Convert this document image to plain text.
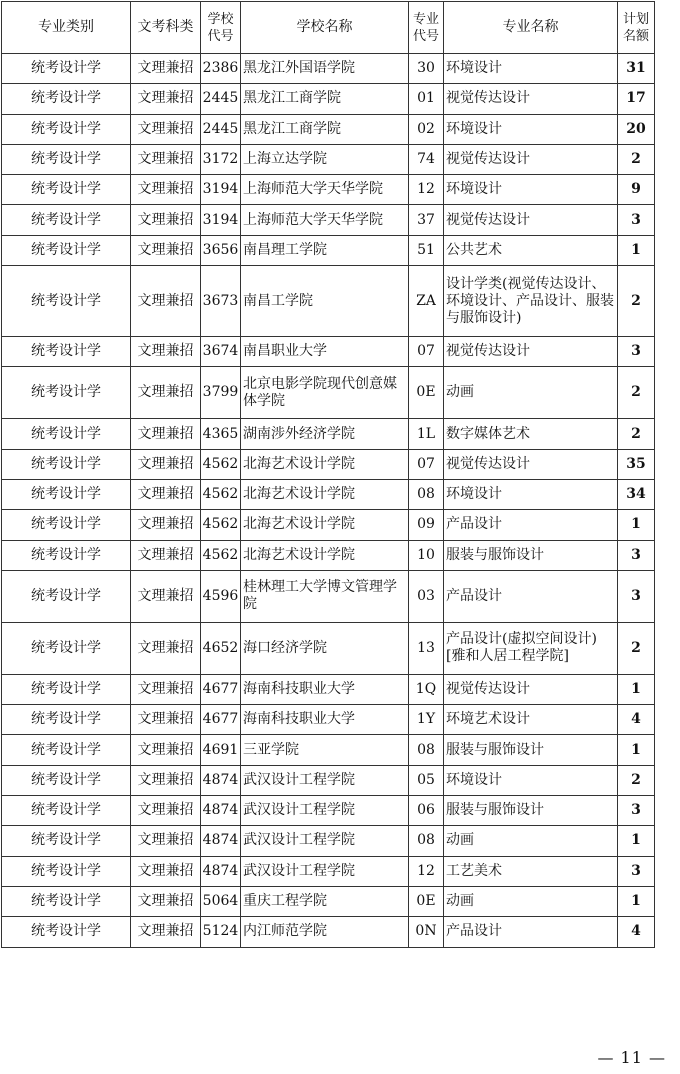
专业类别	文考科类	学校代号	学校名称	专业代号	专业名称	计划名额
统考设计学	文理兼招	2386	黑龙江外国语学院	30	环境设计	31
统考设计学	文理兼招	2445	黑龙江工商学院	01	视觉传达设计	17
统考设计学	文理兼招	2445	黑龙江工商学院	02	环境设计	20
统考设计学	文理兼招	3172	上海立达学院	74	视觉传达设计	2
统考设计学	文理兼招	3194	上海师范大学天华学院	12	环境设计	9
统考设计学	文理兼招	3194	上海师范大学天华学院	37	视觉传达设计	3
统考设计学	文理兼招	3656	南昌理工学院	51	公共艺术	1
统考设计学	文理兼招	3673	南昌工学院	ZA	设计学类(视觉传达设计、环境设计、产品设计、服装与服饰设计)	2
统考设计学	文理兼招	3674	南昌职业大学	07	视觉传达设计	3
统考设计学	文理兼招	3799	北京电影学院现代创意媒体学院	0E	动画	2
统考设计学	文理兼招	4365	湖南涉外经济学院	1L	数字媒体艺术	2
统考设计学	文理兼招	4562	北海艺术设计学院	07	视觉传达设计	35
统考设计学	文理兼招	4562	北海艺术设计学院	08	环境设计	34
统考设计学	文理兼招	4562	北海艺术设计学院	09	产品设计	1
统考设计学	文理兼招	4562	北海艺术设计学院	10	服装与服饰设计	3
统考设计学	文理兼招	4596	桂林理工大学博文管理学院	03	产品设计	3
统考设计学	文理兼招	4652	海口经济学院	13	产品设计(虚拟空间设计)[雅和人居工程学院]	2
统考设计学	文理兼招	4677	海南科技职业大学	1Q	视觉传达设计	1
统考设计学	文理兼招	4677	海南科技职业大学	1Y	环境艺术设计	4
统考设计学	文理兼招	4691	三亚学院	08	服装与服饰设计	1
统考设计学	文理兼招	4874	武汉设计工程学院	05	环境设计	2
统考设计学	文理兼招	4874	武汉设计工程学院	06	服装与服饰设计	3
统考设计学	文理兼招	4874	武汉设计工程学院	08	动画	1
统考设计学	文理兼招	4874	武汉设计工程学院	12	工艺美术	3
统考设计学	文理兼招	5064	重庆工程学院	0E	动画	1
统考设计学	文理兼招	5124	内江师范学院	0N	产品设计	4
— 11 —
